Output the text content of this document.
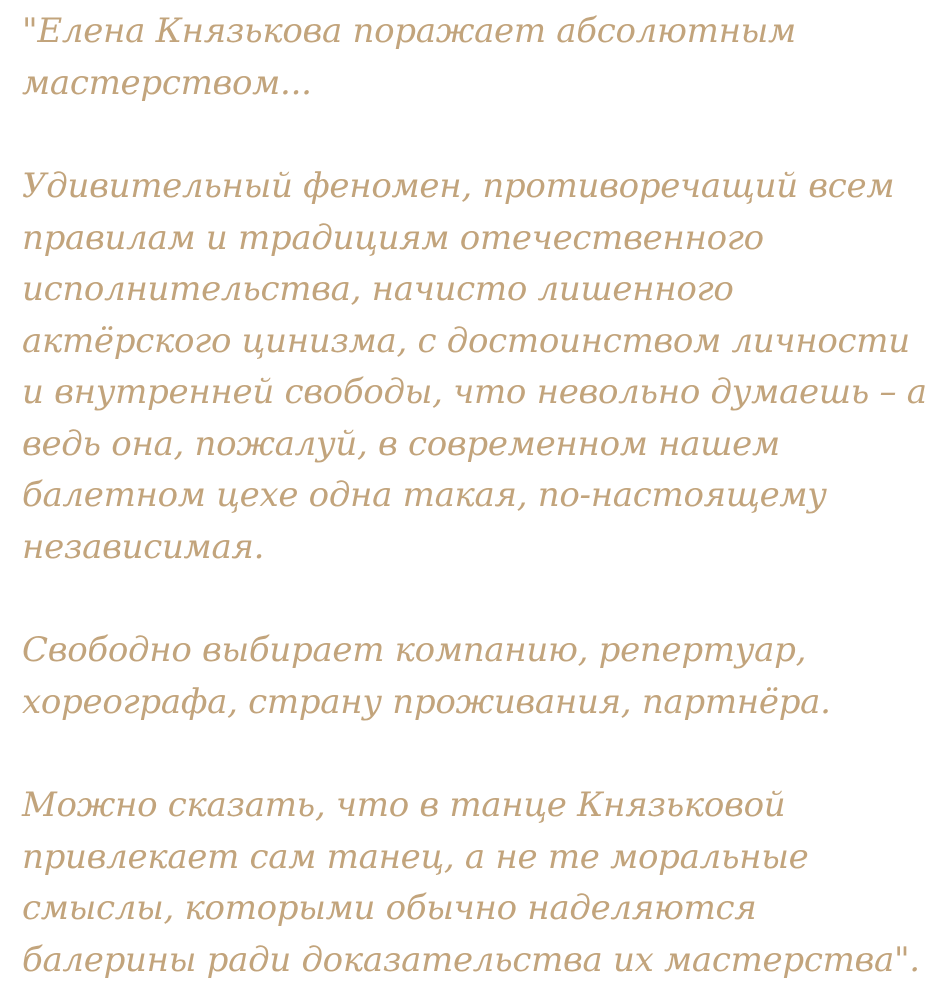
"Елена Князькова поражает абсолютным мастерством...

Удивительный феномен, противоречащий всем правилам и традициям отечественного исполнительства, начисто лишенного актёрского цинизма, с достоинством личности и внутренней свободы, что невольно думаешь – а ведь она, пожалуй, в современном нашем балетном цехе одна такая, по-настоящему независимая.

Свободно выбирает компанию, репертуар, хореографа, страну проживания, партнёра.

Можно сказать, что в танце Князьковой привлекает сам танец, а не те моральные смыслы, которыми обычно наделяются балерины ради доказательства их мастерства".
